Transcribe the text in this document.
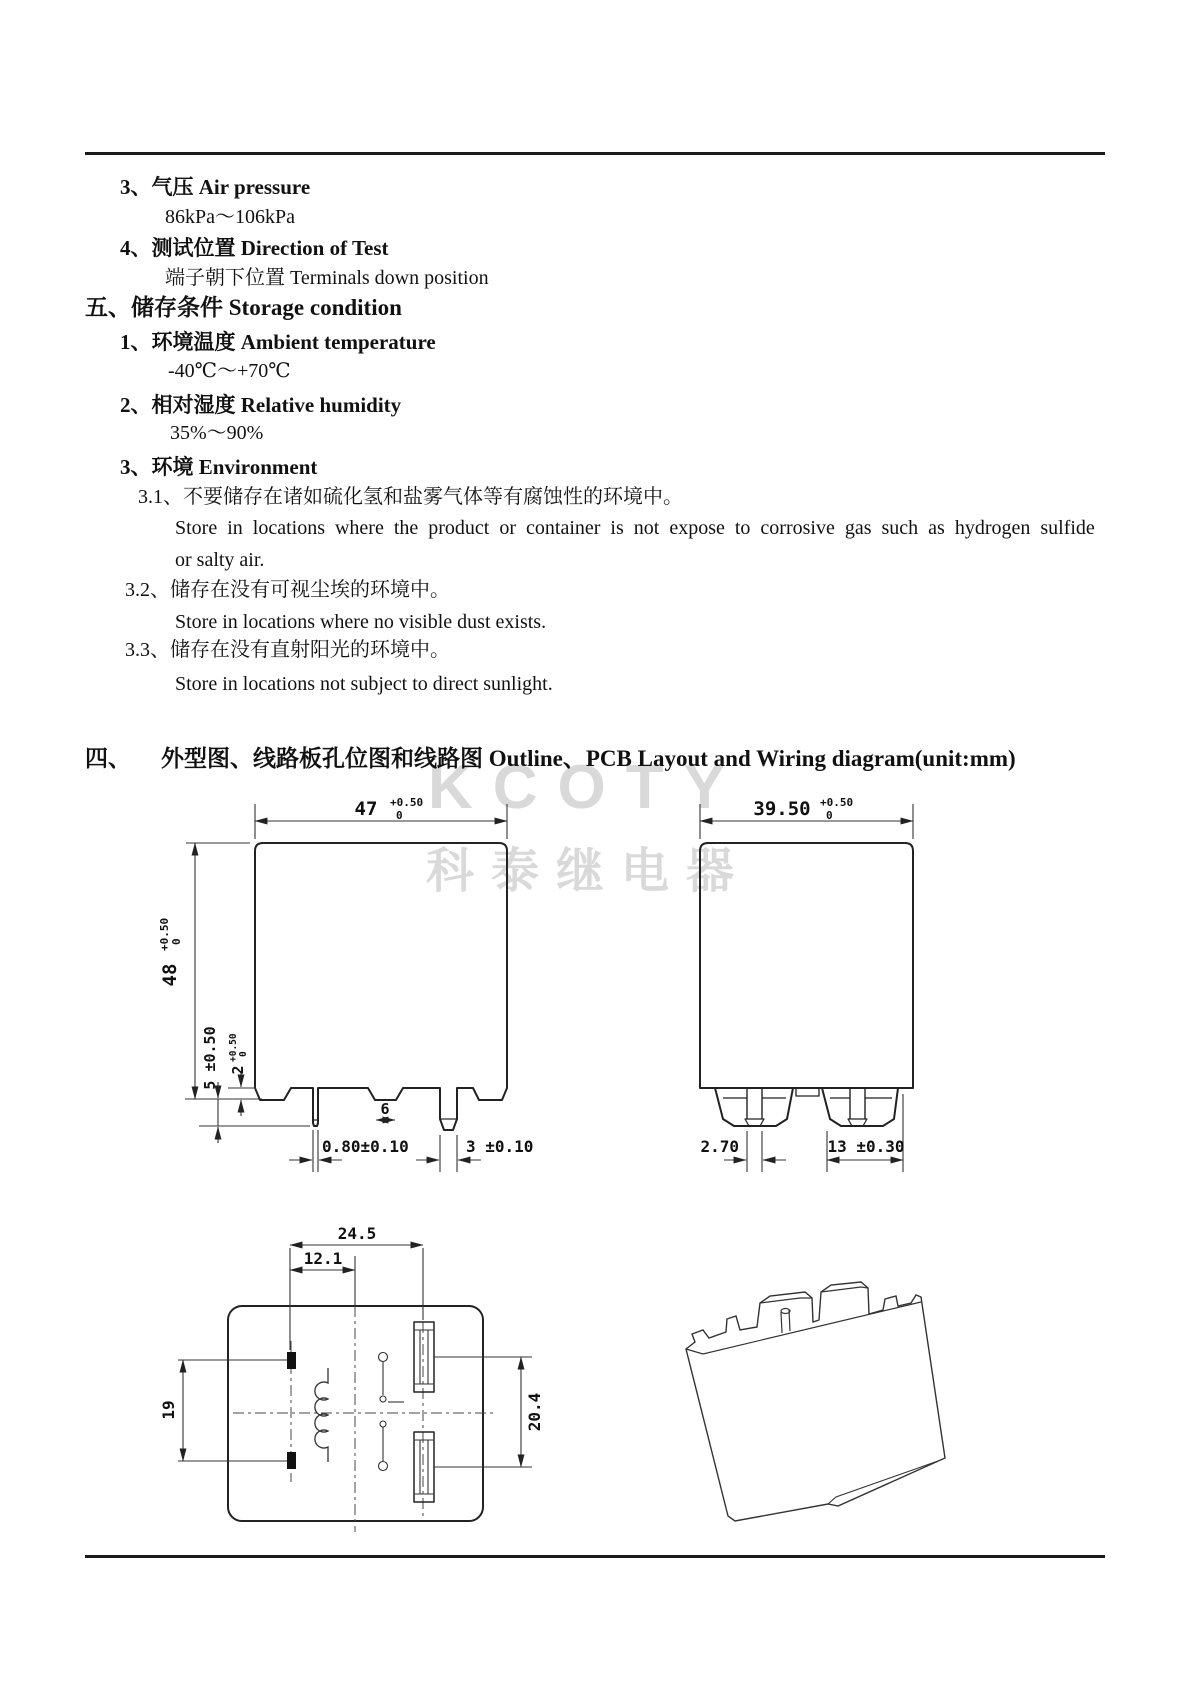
KCOTY
科泰继电器
3、气压 Air pressure
86kPa～106kPa
4、测试位置 Direction of Test
端子朝下位置 Terminals down position
五、储存条件 Storage condition
1、环境温度 Ambient temperature
-40℃～+70℃
2、相对湿度 Relative humidity
35%～90%
3、环境 Environment
3.1、不要储存在诸如硫化氢和盐雾气体等有腐蚀性的环境中。
Store in locations where the product or container is not expose to corrosive gas such as hydrogen sulfide
or salty air.
3.2、储存在没有可视尘埃的环境中。
Store in locations where no visible dust exists.
3.3、储存在没有直射阳光的环境中。
Store in locations not subject to direct sunlight.
四、 外型图、线路板孔位图和线路图 Outline、PCB Layout and Wiring diagram(unit:mm)
47 +0.50
0
48
+0.50 0
5 ±0.50 2
+0.50 0
6
0.80±0.10	3 ±0.10
39.50 +0.50
0
2.70	13 ±0.30
24.5
12.1
19	20.4
